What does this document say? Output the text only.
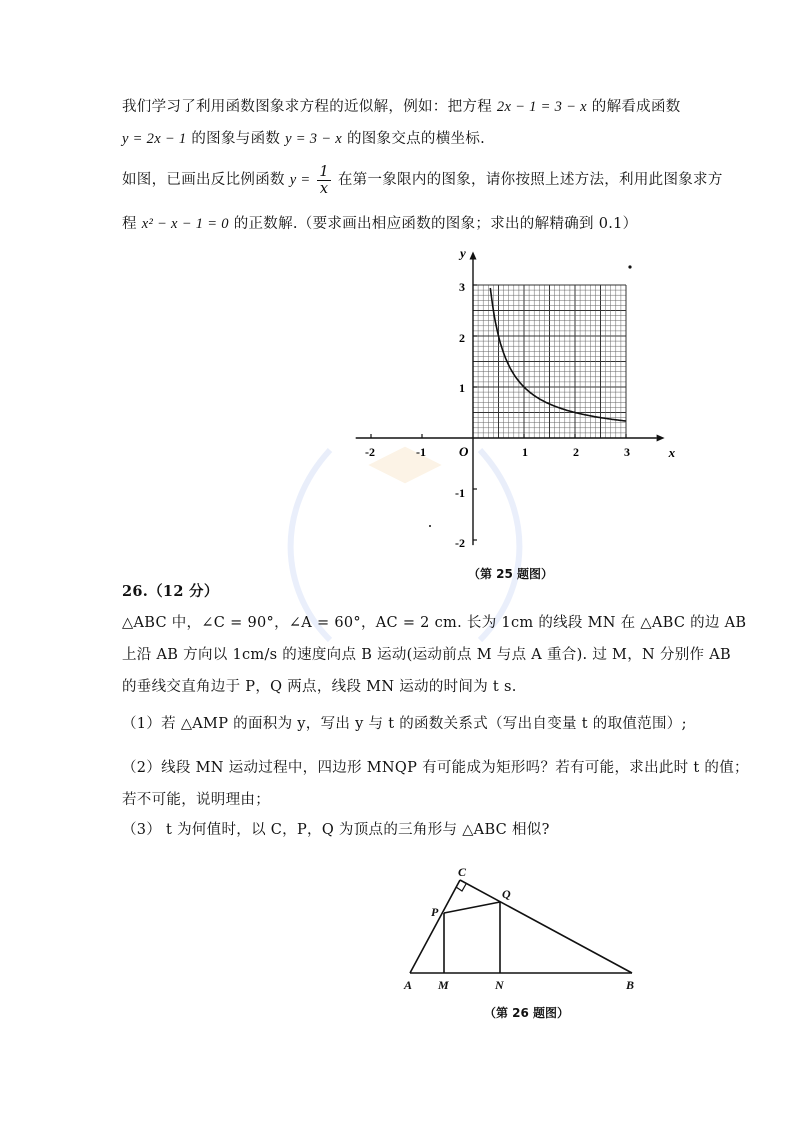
我们学习了利用函数图象求方程的近似解，例如：把方程 2x − 1 = 3 − x 的解看成函数
y = 2x − 1 的图象与函数 y = 3 − x 的图象交点的横坐标.
如图，已画出反比例函数 $y = \frac{1}{x}$ 在第一象限内的图象，请你按照上述方法，利用此图象求方
程 x² − x − 1 = 0 的正数解.（要求画出相应函数的图象；求出的解精确到 0.1）
y
x
O
-2	-1	1	2	3
3
2
1
-1
-2
（第 25 题图）
26.（12 分）
△ABC 中，∠C = 90°，∠A = 60°，AC = 2 cm. 长为 1cm 的线段 MN 在 △ABC 的边 AB
上沿 AB 方向以 1cm/s 的速度向点 B 运动(运动前点 M 与点 A 重合). 过 M，N 分别作 AB
的垂线交直角边于 P，Q 两点，线段 MN 运动的时间为 t s.
（1）若 △AMP 的面积为 y，写出 y 与 t 的函数关系式（写出自变量 t 的取值范围）;
（2）线段 MN 运动过程中，四边形 MNQP 有可能成为矩形吗？若有可能，求出此时 t 的值；
若不可能，说明理由；
（3） t 为何值时，以 C，P，Q 为顶点的三角形与 △ABC 相似?
C
Q
P
A M	N	B
（第 26 题图）
